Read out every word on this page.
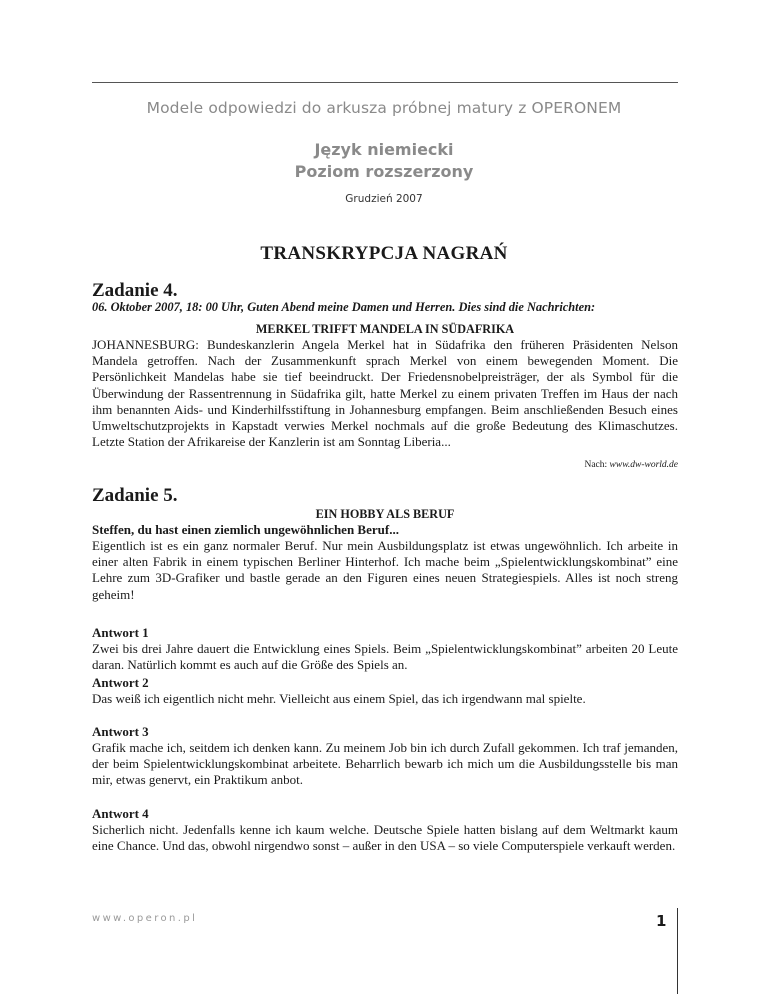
Modele odpowiedzi do arkusza próbnej matury z OPERONEM
Język niemiecki
Poziom rozszerzony
Grudzień 2007
TRANSKRYPCJA NAGRAŃ
Zadanie 4.
06. Oktober 2007, 18: 00 Uhr, Guten Abend meine Damen und Herren. Dies sind die Nachrichten:
MERKEL TRIFFT MANDELA IN SÜDAFRIKA
JOHANNESBURG: Bundeskanzlerin Angela Merkel hat in Südafrika den früheren Präsidenten Nelson Mandela getroffen. Nach der Zusammenkunft sprach Merkel von einem bewegenden Moment. Die Persönlichkeit Mandelas habe sie tief beeindruckt. Der Friedensnobelpreisträger, der als Symbol für die Überwindung der Rassentrennung in Südafrika gilt, hatte Merkel zu einem privaten Treffen im Haus der nach ihm benannten Aids- und Kinderhilfsstiftung in Johannesburg empfangen. Beim anschließenden Besuch eines Umweltschutzprojekts in Kapstadt verwies Merkel nochmals auf die große Bedeutung des Klimaschutzes. Letzte Station der Afrikareise der Kanzlerin ist am Sonntag Liberia...
Nach: www.dw-world.de
Zadanie 5.
EIN HOBBY ALS BERUF
Steffen, du hast einen ziemlich ungewöhnlichen Beruf...
Eigentlich ist es ein ganz normaler Beruf. Nur mein Ausbildungsplatz ist etwas ungewöhnlich. Ich arbeite in einer alten Fabrik in einem typischen Berliner Hinterhof. Ich mache beim „Spielentwicklungskombinat” eine Lehre zum 3D-Grafiker und bastle gerade an den Figuren eines neuen Strategiespiels. Alles ist noch streng geheim!
Antwort 1
Zwei bis drei Jahre dauert die Entwicklung eines Spiels. Beim „Spielentwicklungskombinat” arbeiten 20 Leute daran. Natürlich kommt es auch auf die Größe des Spiels an.
Antwort 2
Das weiß ich eigentlich nicht mehr. Vielleicht aus einem Spiel, das ich irgendwann mal spielte.
Antwort 3
Grafik mache ich, seitdem ich denken kann. Zu meinem Job bin ich durch Zufall gekommen. Ich traf jemanden, der beim Spielentwicklungskombinat arbeitete. Beharrlich bewarb ich mich um die Ausbildungsstelle bis man mir, etwas genervt, ein Praktikum anbot.
Antwort 4
Sicherlich nicht. Jedenfalls kenne ich kaum welche. Deutsche Spiele hatten bislang auf dem Weltmarkt kaum eine Chance. Und das, obwohl nirgendwo sonst – außer in den USA – so viele Computerspiele verkauft werden.
www.operon.pl	1
